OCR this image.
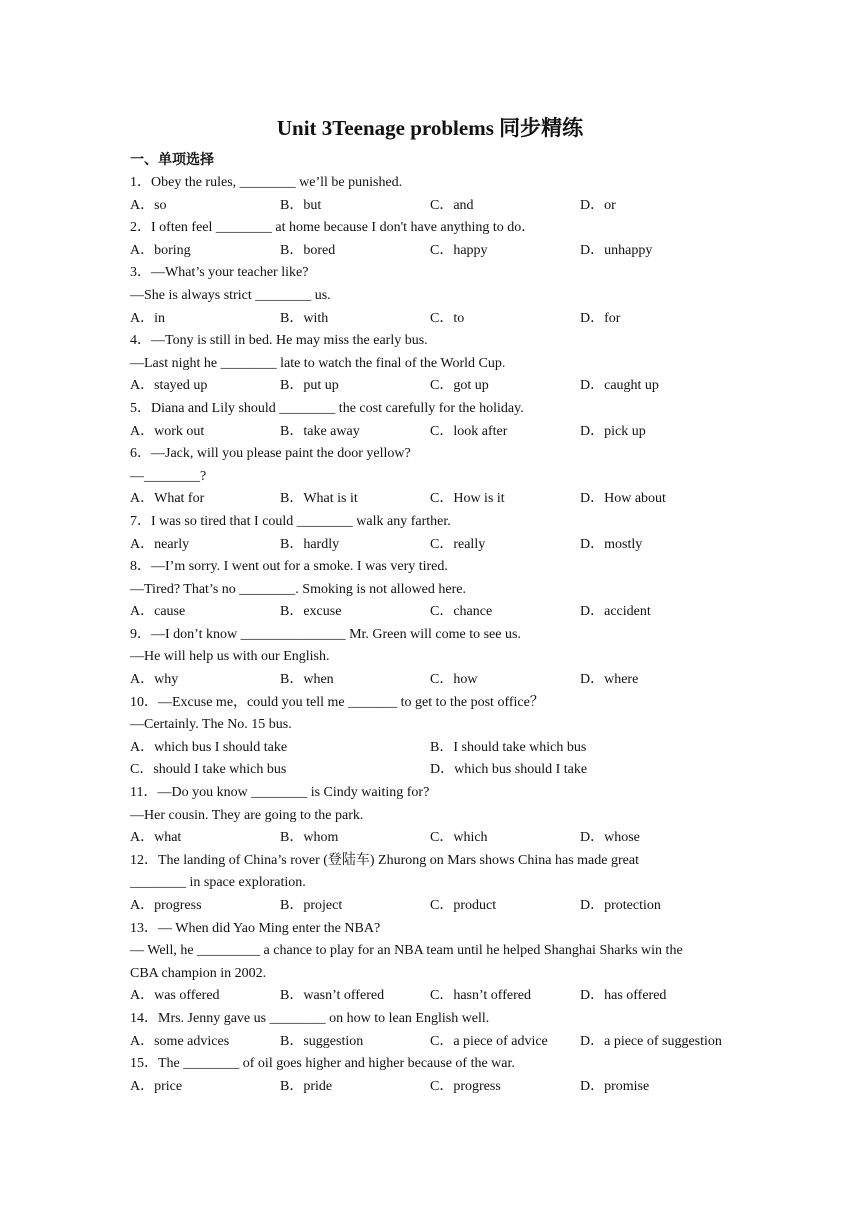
Unit 3Teenage problems 同步精练
一、单项选择
1．Obey the rules, ________ we’ll be punished.
A．so	B．but	C．and	D．or
2．I often feel ________ at home because I don't have anything to do．
A．boring	B．bored	C．happy	D．unhappy
3．—What’s your teacher like?
—She is always strict ________ us.
A．in	B．with	C．to	D．for
4．—Tony is still in bed. He may miss the early bus.
—Last night he ________ late to watch the final of the World Cup.
A．stayed up	B．put up	C．got up	D．caught up
5．Diana and Lily should ________ the cost carefully for the holiday.
A．work out	B．take away	C．look after	D．pick up
6．—Jack, will you please paint the door yellow?
—________?
A．What for	B．What is it	C．How is it	D．How about
7．I was so tired that I could ________ walk any farther.
A．nearly	B．hardly	C．really	D．mostly
8．—I’m sorry. I went out for a smoke. I was very tired.
—Tired? That’s no ________. Smoking is not allowed here.
A．cause	B．excuse	C．chance	D．accident
9．—I don’t know _______________ Mr. Green will come to see us.
—He will help us with our English.
A．why	B．when	C．how	D．where
10．—Excuse me，could you tell me _______ to get to the post office？
—Certainly. The No. 15 bus.
A．which bus I should take	B．I should take which bus
C．should I take which bus	D．which bus should I take
11．—Do you know ________ is Cindy waiting for?
—Her cousin. They are going to the park.
A．what	B．whom	C．which	D．whose
12．The landing of China’s rover (登陆车) Zhurong on Mars shows China has made great
________ in space exploration.
A．progress	B．project	C．product	D．protection
13．— When did Yao Ming enter the NBA?
— Well, he _________ a chance to play for an NBA team until he helped Shanghai Sharks win the
CBA champion in 2002.
A．was offered	B．wasn’t offered	C．hasn’t offered	D．has offered
14．Mrs. Jenny gave us ________ on how to lean English well.
A．some advices	B．suggestion	C．a piece of advice	D．a piece of suggestion
15．The ________ of oil goes higher and higher because of the war.
A．price	B．pride	C．progress	D．promise
